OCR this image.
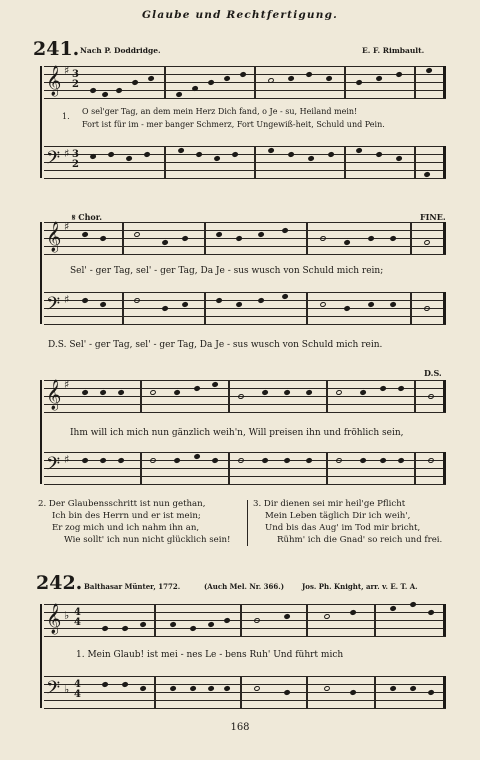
Glaube und Rechtfertigung.
241. Nach P. Doddridge.	E. F. Rimbault.
𝄞 ♯ 3
2
1.
O sel'ger Tag, an dem mein Herz Dich fand, o Je - su, Heiland mein!
Fort ist für im - mer banger Schmerz, Fort Ungewiß-heit, Schuld und Pein.
𝄢 ♯ 3
2
𝄋 Chor.	FINE.
𝄞 ♯
Sel' - ger Tag, sel' - ger Tag, Da Je - sus wusch von Schuld mich rein;
𝄢 ♯
D.S. Sel' - ger Tag, sel' - ger Tag, Da Je - sus wusch von Schuld mich rein.
D.S.
𝄞 ♯
Ihm will ich mich nun gänzlich weih'n, Will preisen ihn und fröhlich sein,
𝄢 ♯
2. Der Glaubensschritt ist nun gethan,
Ich bin des Herrn und er ist mein;
Er zog mich und ich nahm ihn an,
Wie sollt' ich nun nicht glücklich sein!
3. Dir dienen sei mir heil'ge Pflicht
Mein Leben täglich Dir ich weih',
Und bis das Aug' im Tod mir bricht,
Rühm' ich die Gnad' so reich und frei.
242. Balthasar Münter, 1772.	(Auch Mel. Nr. 366.)	Jos. Ph. Knight, arr. v. E. T. A.
𝄞 ♭ 4
4
1. Mein Glaub! ist mei - nes Le - bens Ruh' Und führt mich
𝄢 ♭ 4
4
168
